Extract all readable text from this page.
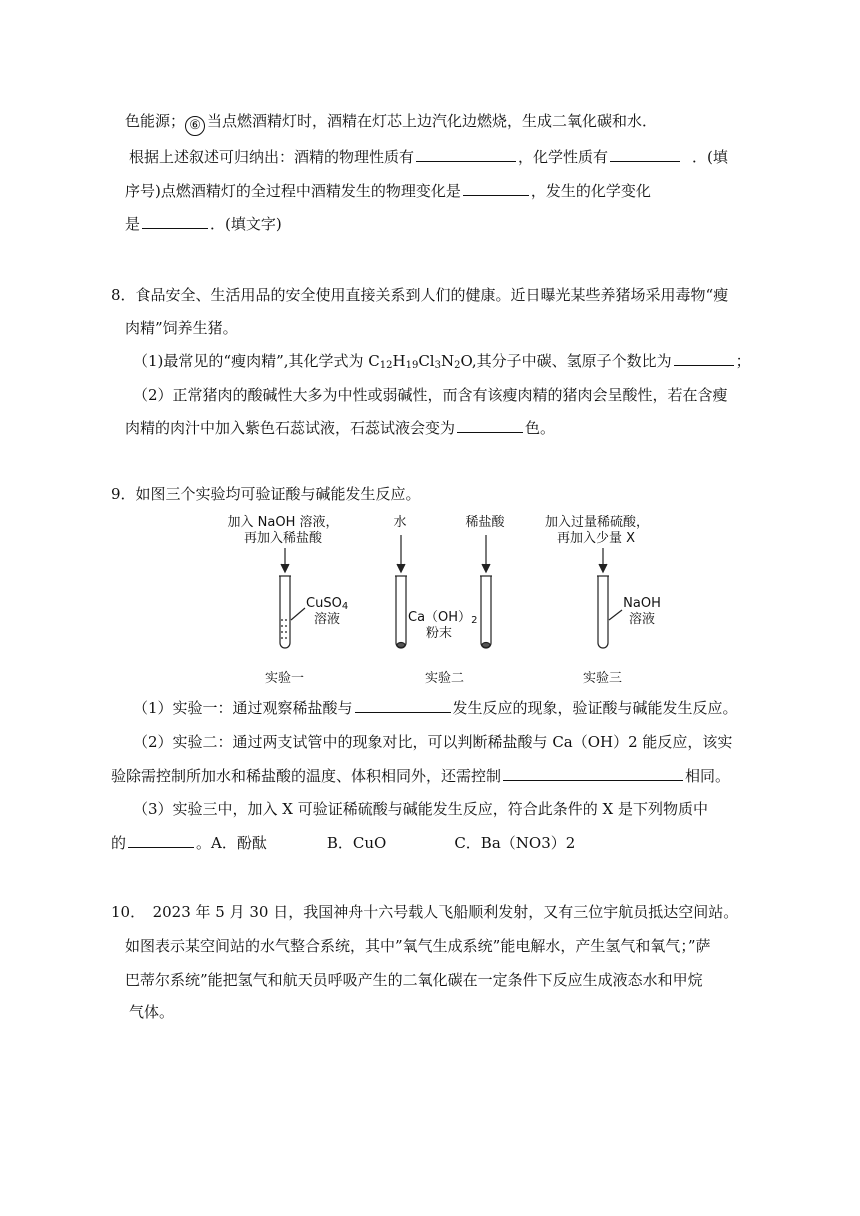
色能源； ⑥ 当点燃酒精灯时，酒精在灯芯上边汽化边燃烧，生成二氧化碳和水．
根据上述叙述可归纳出：酒精的物理性质有	，化学性质有	．(填
序号)点燃酒精灯的全过程中酒精发生的物理变化是	，发生的化学变化
是	．(填文字)
8．食品安全、生活用品的安全使用直接关系到人们的健康。近日曝光某些养猪场采用毒物“瘦
肉精”饲养生猪。
（1)最常见的“瘦肉精”,其化学式为 $C_{12}H_{19}Cl_3N_2O$,其分子中碳、氢原子个数比为	；
（2）正常猪肉的酸碱性大多为中性或弱碱性，而含有该瘦肉精的猪肉会呈酸性，若在含瘦
肉精的肉汁中加入紫色石蕊试液，石蕊试液会变为	色。
9．如图三个实验均可验证酸与碱能发生反应。
加入 NaOH 溶液，
再加入稀盐酸
CuSO$_4$
溶液
实验一
水	稀盐酸
$Ca(OH)_2$
粉末
实验二
加入过量稀硫酸，
再加入少量 X
NaOH
溶液
实验三
（1）实验一：通过观察稀盐酸与	发生反应的现象，验证酸与碱能发生反应。
（2）实验二：通过两支试管中的现象对比，可以判断稀盐酸与 Ca（OH）2 能反应，该实
验除需控制所加水和稀盐酸的温度、体积相同外，还需控制	相同。
（3）实验三中，加入 X 可验证稀硫酸与碱能发生反应，符合此条件的 X 是下列物质中
的	。A．酚酞	B．CuO	C．Ba（NO3）2
10．　2023 年 5 月 30 日，我国神舟十六号载人飞船顺利发射，又有三位宇航员抵达空间站。
如图表示某空间站的水气整合系统，其中”氧气生成系统”能电解水，产生氢气和氧气；”萨
巴蒂尔系统”能把氢气和航天员呼吸产生的二氧化碳在一定条件下反应生成液态水和甲烷
气体。
